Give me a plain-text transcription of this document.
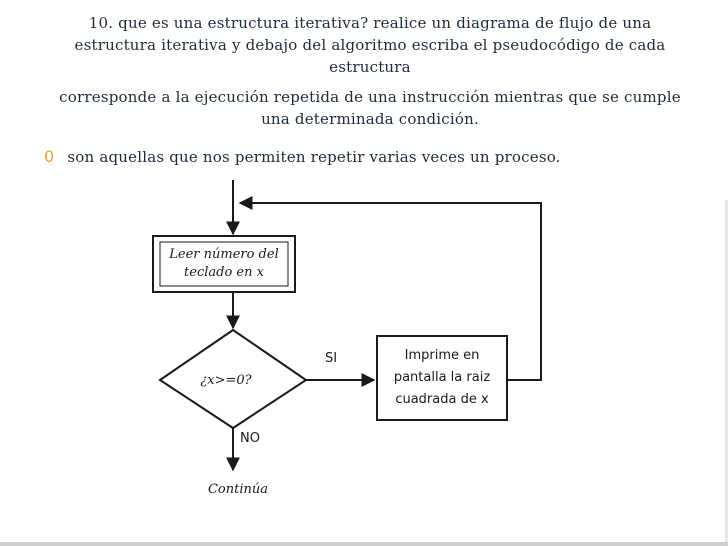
10. que es una estructura iterativa? realice un diagrama de flujo de una estructura iterativa y debajo del algoritmo escriba el pseudocódigo de cada estructura
corresponde a la ejecución repetida de una instrucción mientras que se cumple una determinada condición.
0 son aquellas que nos permiten repetir varias veces un proceso.
Leer número del
teclado en x
¿x>=0?
SI	Imprime en
pantalla la raiz
cuadrada de x
NO
Continúa
